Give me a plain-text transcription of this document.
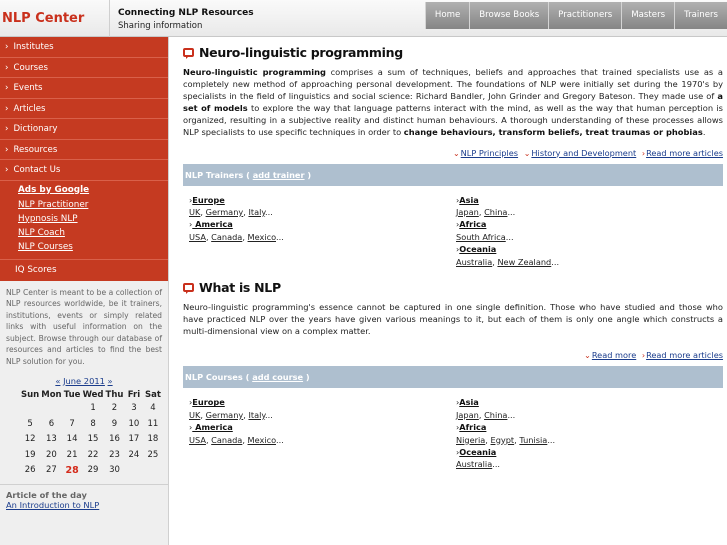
NLP Center	Connecting NLP Resources
Sharing information
Home	Browse Books	Practitioners	Masters	Trainers
› Institutes
› Courses
› Events
› Articles
› Dictionary
› Resources
› Contact Us
Ads by Google
NLP Practitioner
Hypnosis NLP
NLP Coach
NLP Courses
IQ Scores
NLP Center is meant to be a collection of NLP resources worldwide, be it trainers, institutions, events or simply related links with useful information on the subject. Browse through our database of resources and articles to find the best NLP solution for you.
« June 2011 »
Sun	Mon	Tue	Wed	Thu	Fri	Sat
			1	2	3	4
5	6	7	8	9	10	11
12	13	14	15	16	17	18
19	20	21	22	23	24	25
26	27	28	29	30		
Article of the day
An Introduction to NLP
Neuro-linguistic programming
Neuro-linguistic programming comprises a sum of techniques, beliefs and approaches that trained specialists use as a completely new method of approaching personal development. The foundations of NLP were initially set during the 1970's by specialists in the field of linguistics and social science: Richard Bandler, John Grinder and Gregory Bateson. They made use of a set of models to explore the way that language patterns interact with the mind, as well as the way that human perception is organized, resulting in a subjective reality and distinct human behaviours. A thorough understanding of these processes allows NLP specialists to use specific techniques in order to change behaviours, transform beliefs, treat traumas or phobias.
⌄NLP Principles ⌄History and Development ›Read more articles
NLP Trainers ( add trainer )
›Europe
UK, Germany, Italy...
› America
USA, Canada, Mexico...
›Asia
Japan, China...
›Africa
South Africa...
›Oceania
Australia, New Zealand...
What is NLP
Neuro-linguistic programming's essence cannot be captured in one single definition. Those who have studied and those who have practiced NLP over the years have given various meanings to it, but each of them is only one angle which constructs a multi-dimensional view on a complex matter.
⌄Read more ›Read more articles
NLP Courses ( add course )
›Europe
UK, Germany, Italy...
› America
USA, Canada, Mexico...
›Asia
Japan, China...
›Africa
Nigeria, Egypt, Tunisia...
›Oceania
Australia...
